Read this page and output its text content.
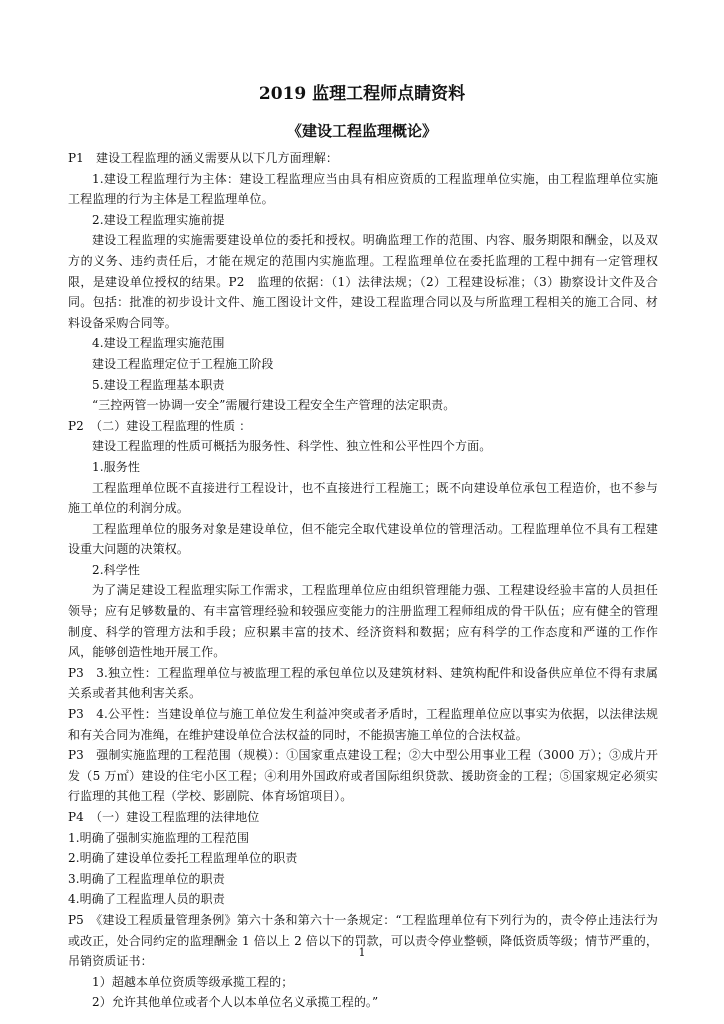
2019 监理工程师点睛资料
《建设工程监理概论》

P1　建设工程监理的涵义需要从以下几方面理解：

1.建设工程监理行为主体：建设工程监理应当由具有相应资质的工程监理单位实施，由工程监理单位实施工程监理的行为主体是工程监理单位。

2.建设工程监理实施前提

建设工程监理的实施需要建设单位的委托和授权。明确监理工作的范围、内容、服务期限和酬金，以及双方的义务、违约责任后，才能在规定的范围内实施监理。工程监理单位在委托监理的工程中拥有一定管理权限，是建设单位授权的结果。P2　监理的依据：（1）法律法规；（2）工程建设标准；（3）勘察设计文件及合同。包括：批准的初步设计文件、施工图设计文件，建设工程监理合同以及与所监理工程相关的施工合同、材料设备采购合同等。

4.建设工程监理实施范围

建设工程监理定位于工程施工阶段

5.建设工程监理基本职责

“三控两管一协调一安全”需履行建设工程安全生产管理的法定职责。

P2　（二）建设工程监理的性质 ：

建设工程监理的性质可概括为服务性、科学性、独立性和公平性四个方面。

1.服务性

工程监理单位既不直接进行工程设计，也不直接进行工程施工；既不向建设单位承包工程造价，也不参与施工单位的利润分成。

工程监理单位的服务对象是建设单位，但不能完全取代建设单位的管理活动。工程监理单位不具有工程建设重大问题的决策权。

2.科学性

为了满足建设工程监理实际工作需求，工程监理单位应由组织管理能力强、工程建设经验丰富的人员担任领导；应有足够数量的、有丰富管理经验和较强应变能力的注册监理工程师组成的骨干队伍；应有健全的管理制度、科学的管理方法和手段；应积累丰富的技术、经济资料和数据；应有科学的工作态度和严谨的工作作风，能够创造性地开展工作。

P3　3.独立性：工程监理单位与被监理工程的承包单位以及建筑材料、建筑构配件和设备供应单位不得有隶属关系或者其他利害关系。

P3　4.公平性：当建设单位与施工单位发生利益冲突或者矛盾时，工程监理单位应以事实为依据，以法律法规和有关合同为准绳，在维护建设单位合法权益的同时，不能损害施工单位的合法权益。

P3　强制实施监理的工程范围（规模）：①国家重点建设工程；②大中型公用事业工程（3000 万）；③成片开发（5 万㎡）建设的住宅小区工程；④利用外国政府或者国际组织贷款、援助资金的工程；⑤国家规定必须实行监理的其他工程（学校、影剧院、体育场馆项目）。

P4　（一）建设工程监理的法律地位

1.明确了强制实施监理的工程范围

2.明确了建设单位委托工程监理单位的职责

3.明确了工程监理单位的职责

4.明确了工程监理人员的职责

P5　《建设工程质量管理条例》第六十条和第六十一条规定：“工程监理单位有下列行为的，责令停止违法行为或改正，处合同约定的监理酬金 1 倍以上 2 倍以下的罚款，可以责令停业整顿，降低资质等级；情节严重的，吊销资质证书：

1）超越本单位资质等级承揽工程的；

2）允许其他单位或者个人以本单位名义承揽工程的。”

1
